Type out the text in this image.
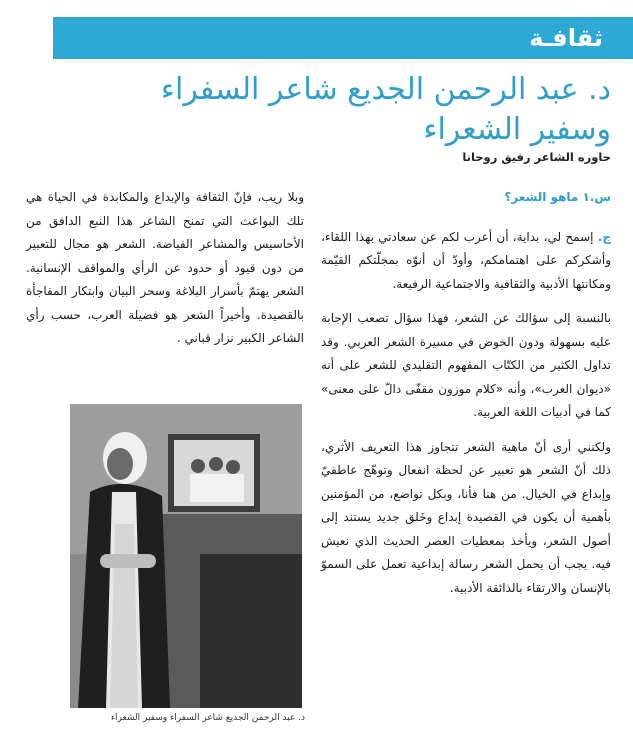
ثقافـة
د. عبد الرحمن الجديع شاعر السفراء
وسفير الشعراء
حاوره الشاعر رفيق روحانا

س.١ ماهو الشعر؟

ج. إسمح لي، بداية، أن أعرب لكم عن سعادتي بهذا اللقاء، وأشكركم على اهتمامكم، وأودّ أن أنوّه بمجلّتكم القيّمة ومكانتها الأدبية والثقافية والاجتماعية الرفيعة.

بالنسبة إلى سؤالك عن الشعر، فهذا سؤال تصعب الإجابة عليه بسهولة ودون الخوض في مسيرة الشعر العربي. وقد تداول الكثير من الكتّاب المفهوم التقليدي للشعر على أنه «ديوان العرب»، وأنه «كلام موزون مقفّى دالّ على معنى» كما في أدبيات اللغة العربية.

ولكنني أرى أنّ ماهية الشعر تتجاوز هذا التعريف الأثري، ذلك أنّ الشعر هو تعبير عن لحظة انفعال وتوهّج عاطفيّ وإبداع في الخيال. من هنا فأنا، وبكل تواضع، من المؤمنين بأهمية أن يكون في القصيدة إبداع وخَلق جديد يستند إلى أصول الشعر، ويأخذ بمعطيات العصر الحديث الذي نعيش فيه. يجب أن يحمل الشعر رسالة إبداعية تعمل على السموّ بالإنسان والارتقاء بالذائقة الأدبية.

وبلا ريب، فإنّ الثقافة والإبداع والمكابدة في الحياة هي تلك البواعث التي تمنح الشاعر هذا النبع الدافق من الأحاسيس والمشاعر الفياضة. الشعر هو مجال للتعبير من دون قيود أو حدود عن الرأي والمواقف الإنسانية. الشعر يهتمّ بأسرار البلاغة وسحر البيان وابتكار المفاجأة بالقصيدة. وأخيراً الشعر هو فضيلة العرب، حسب رأي الشاعر الكبير نزار قباني .

د. عبد الرحمن الجديع شاعر السفراء وسفير الشعراء
